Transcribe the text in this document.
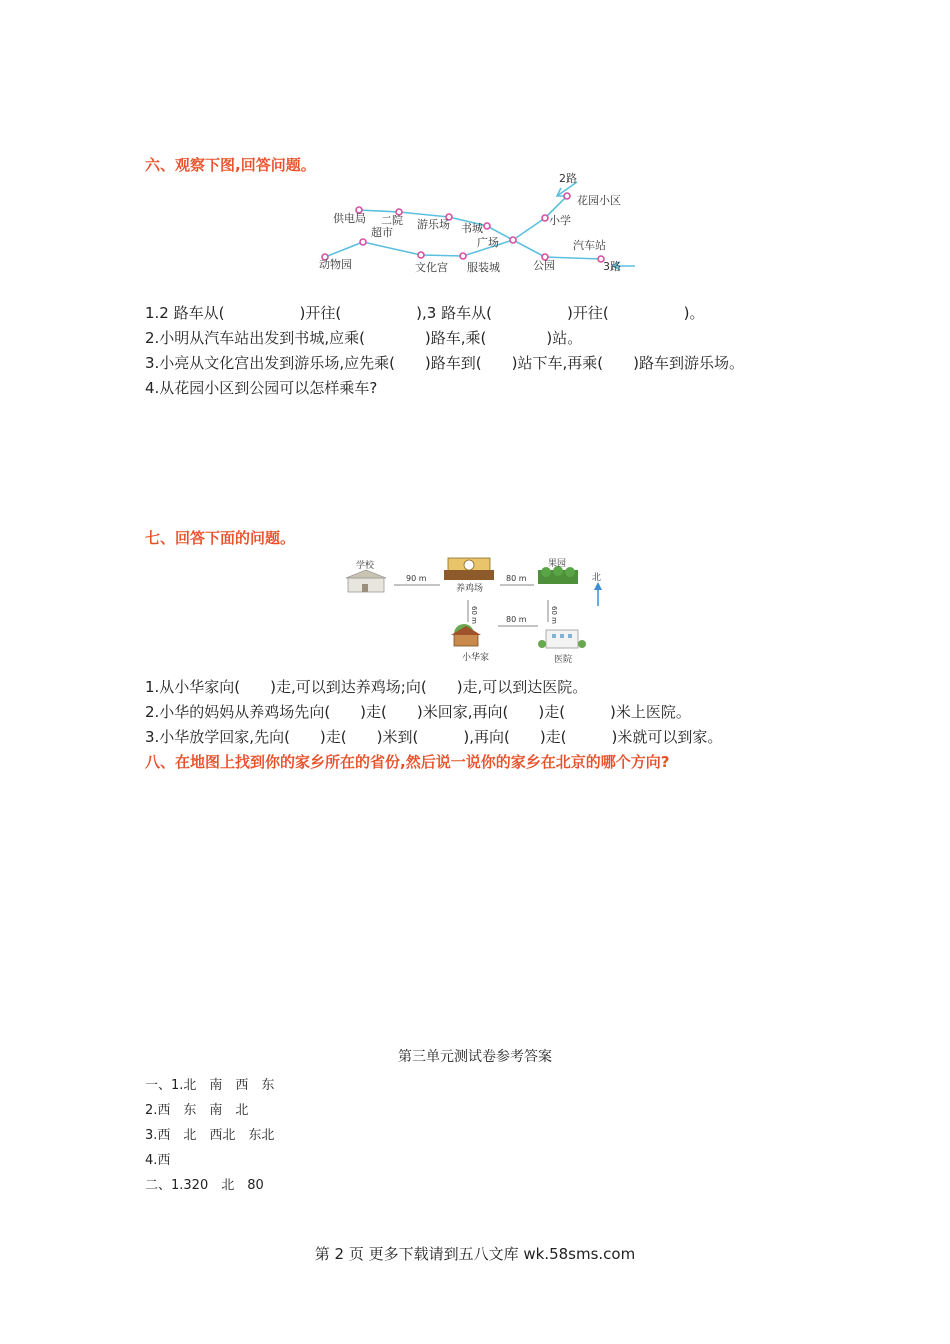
六、观察下图,回答问题。
供电局 二院
超市
游乐场 书城
动物园	文化宫 服装城
广场
小学
花园小区
公园
汽车站
2路
3路
1.2 路车从(　　　　　)开往(　　　　　),3 路车从(　　　　　)开往(　　　　　)。
2.小明从汽车站出发到书城,应乘(　　　　)路车,乘(　　　　)站。
3.小亮从文化宫出发到游乐场,应先乘(　　)路车到(　　)站下车,再乘(　　)路车到游乐场。
4.从花园小区到公园可以怎样乘车?
七、回答下面的问题。
学校
90 m
养鸡场
80 m
果园
北
60 m	60 m
80 m
小华家	医院
1.从小华家向(　　)走,可以到达养鸡场;向(　　)走,可以到达医院。
2.小华的妈妈从养鸡场先向(　　)走(　　)米回家,再向(　　)走(　　　)米上医院。
3.小华放学回家,先向(　　)走(　　)米到(　　　),再向(　　)走(　　　)米就可以到家。
八、在地图上找到你的家乡所在的省份,然后说一说你的家乡在北京的哪个方向?
第三单元测试卷参考答案
一、1.北　南　西　东
2.西　东　南　北
3.西　北　西北　东北
4.西
二、1.320　北　80
第 2 页 更多下载请到五八文库 wk.58sms.com
